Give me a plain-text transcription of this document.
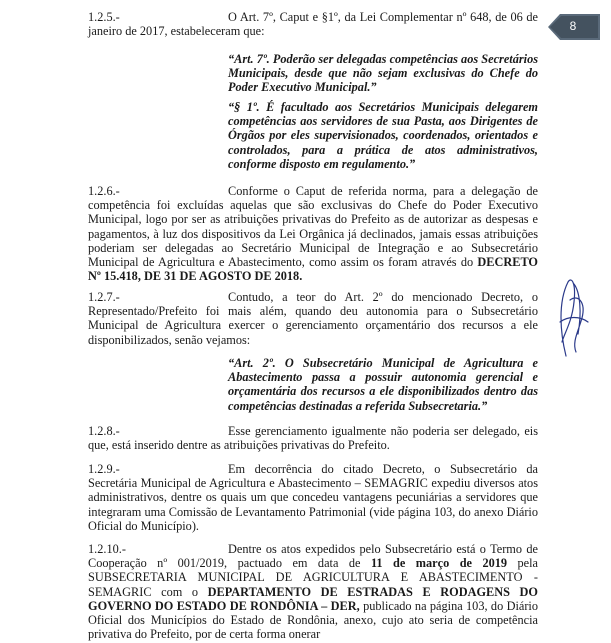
8

1.2.5.-	O Art. 7º, Caput e §1º, da Lei Complementar nº 648, de 06 de janeiro de 2017, estabeleceram que:

“Art. 7º. Poderão ser delegadas competências aos Secretários Municipais, desde que não sejam exclusivas do Chefe do Poder Executivo Municipal.”

“§ 1º. É facultado aos Secretários Municipais delegarem competências aos servidores de sua Pasta, aos Dirigentes de Órgãos por eles supervisionados, coordenados, orientados e controlados, para a prática de atos administrativos, conforme disposto em regulamento.”

1.2.6.-	Conforme o Caput de referida norma, para a delegação de competência foi excluídas aquelas que são exclusivas do Chefe do Poder Executivo Municipal, logo por ser as atribuições privativas do Prefeito as de autorizar as despesas e pagamentos, à luz dos dispositivos da Lei Orgânica já declinados, jamais essas atribuições poderiam ser delegadas ao Secretário Municipal de Integração e ao Subsecretário Municipal de Agricultura e Abastecimento, como assim os foram através do DECRETO Nº 15.418, DE 31 DE AGOSTO DE 2018.

1.2.7.-	Contudo, a teor do Art. 2º do mencionado Decreto, o Representado/Prefeito foi mais além, quando deu autonomia para o Subsecretário Municipal de Agricultura exercer o gerenciamento orçamentário dos recursos a ele disponibilizados, senão vejamos:

“Art. 2º. O Subsecretário Municipal de Agricultura e Abastecimento passa a possuir autonomia gerencial e orçamentária dos recursos a ele disponibilizados dentro das competências destinadas a referida Subsecretaria.”

1.2.8.-	Esse gerenciamento igualmente não poderia ser delegado, eis que, está inserido dentre as atribuições privativas do Prefeito.

1.2.9.-	Em decorrência do citado Decreto, o Subsecretário da Secretária Municipal de Agricultura e Abastecimento – SEMAGRIC expediu diversos atos administrativos, dentre os quais um que concedeu vantagens pecuniárias a servidores que integraram uma Comissão de Levantamento Patrimonial (vide página 103, do anexo Diário Oficial do Município).

1.2.10.-	Dentre os atos expedidos pelo Subsecretário está o Termo de Cooperação nº 001/2019, pactuado em data de 11 de março de 2019 pela SUBSECRETARIA MUNICIPAL DE AGRICULTURA E ABASTECIMENTO - SEMAGRIC com o DEPARTAMENTO DE ESTRADAS E RODAGENS DO GOVERNO DO ESTADO DE RONDÔNIA – DER, publicado na página 103, do Diário Oficial dos Municípios do Estado de Rondônia, anexo, cujo ato seria de competência privativa do Prefeito, por de certa forma onerar
